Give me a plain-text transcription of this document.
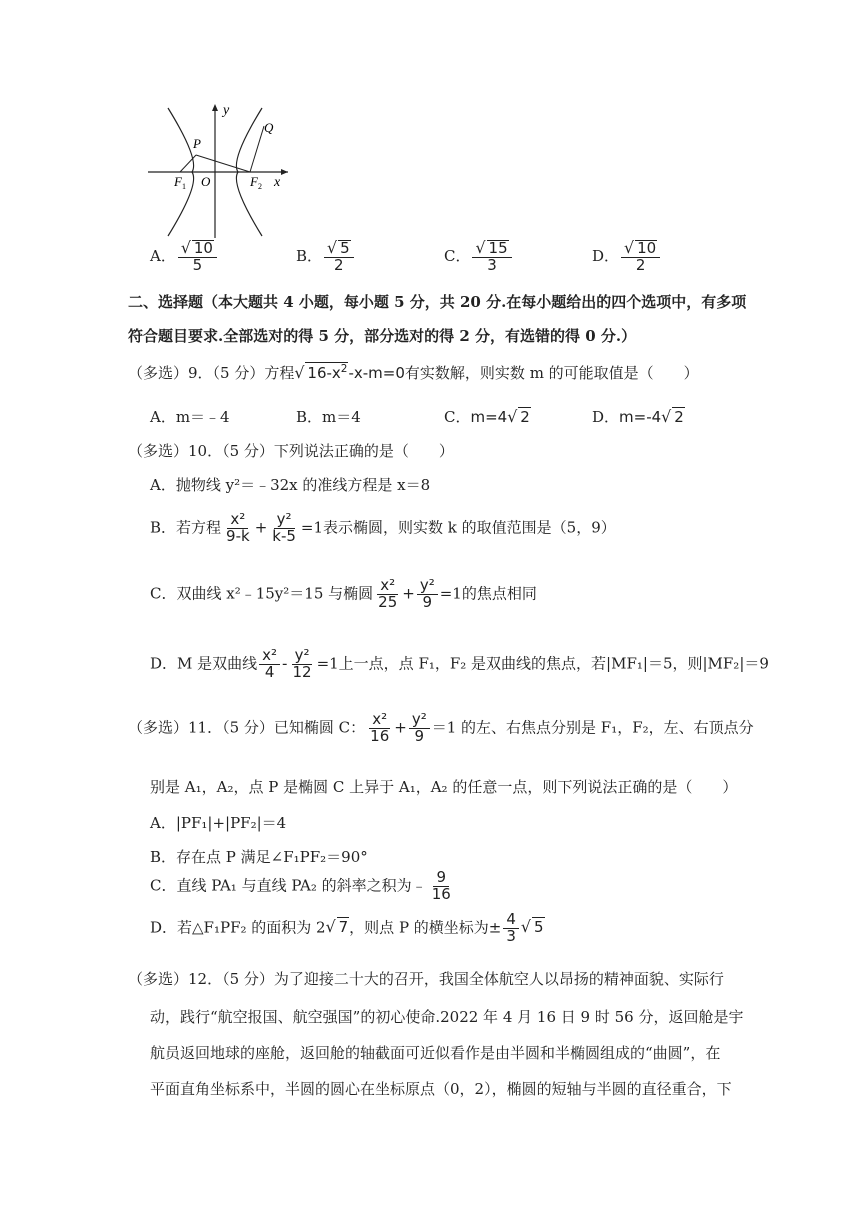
y
x
O
P
Q
F 1	F 2
A． $\frac{√ 10}{5}$	B． $\frac{√ 5}{2}$	C． $\frac{√ 15}{3}$	D． $\frac{√ 10}{2}$
二、选择题（本大题共 4 小题，每小题 5 分，共 20 分.在每小题给出的四个选项中，有多项
符合题目要求.全部选对的得 5 分，部分选对的得 2 分，有选错的得 0 分.）
（多选）9．（5 分）方程√ $16-x^2-x-m=0$有实数解，则实数 m 的可能取值是（　　）
A．m＝﹣4	B．m＝4	C．m=4√ 2	D．m=-4√ 2
（多选）10．（5 分）下列说法正确的是（　　）
A．抛物线 y²＝﹣32x 的准线方程是 x＝8
B．若方程 $\frac{\text{x²}}{9-k} + \frac{\text{y²}}{k-5} =1$表示椭圆，则实数 k 的取值范围是（5，9）
C．双曲线 x²﹣15y²＝15 与椭圆 $\frac{\text{x²}}{25} + \frac{\text{y²}}{9} =1$的焦点相同
D．M 是双曲线 $\frac{\text{x²}}{4} - \frac{\text{y²}}{12} =1$上一点，点 F₁，F₂ 是双曲线的焦点，若|MF₁|＝5，则|MF₂|＝9
（多选）11．（5 分）已知椭圆 C： $\frac{\text{x²}}{16} + \frac{\text{y²}}{9} =1$ 的左、右焦点分别是 F₁，F₂，左、右顶点分
别是 A₁，A₂，点 P 是椭圆 C 上异于 A₁，A₂ 的任意一点，则下列说法正确的是（　　）
A．|PF₁|+|PF₂|＝4
B．存在点 P 满足∠F₁PF₂＝90°
C．直线 PA₁ 与直线 PA₂ 的斜率之积为﹣ $\frac{9}{16}$
D．若△F₁PF₂ 的面积为 2√ 7，则点 P 的横坐标为± $\frac{4}{3}$ √ 5
（多选）12．（5 分）为了迎接二十大的召开，我国全体航空人以昂扬的精神面貌、实际行
动，践行“航空报国、航空强国”的初心使命.2022 年 4 月 16 日 9 时 56 分，返回舱是宇
航员返回地球的座舱，返回舱的轴截面可近似看作是由半圆和半椭圆组成的“曲圆”，在
平面直角坐标系中，半圆的圆心在坐标原点（0，2），椭圆的短轴与半圆的直径重合，下
